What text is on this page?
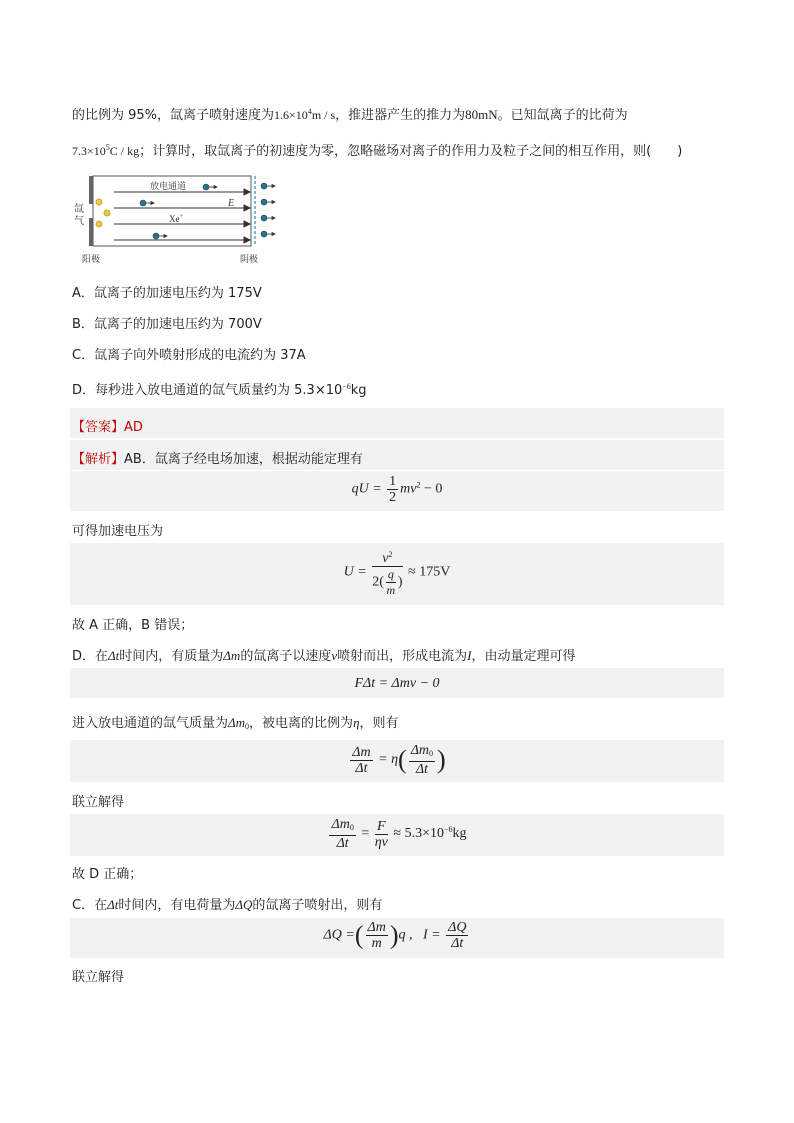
的比例为 95%，氙离子喷射速度为$1.6\times 10^4m / s$，推进器产生的推力为80mN。已知氙离子的比荷为
$7.3\times 10^5C$ / kg；计算时，取氙离子的初速度为零，忽略磁场对离子的作用力及粒子之间的相互作用，则(　　)
氙
气
放电通道
E
Xe+
阳极	阴极
A．氙离子的加速电压约为 175V
B．氙离子的加速电压约为 700V
C．氙离子向外喷射形成的电流约为 37A
D．每秒进入放电通道的氙气质量约为 $5.3\times 10^{-6}kg$
【答案】AD
【解析】AB．氙离子经电场加速，根据动能定理有
qU = $\frac{1}{2} mv^2 - 0$
可得加速电压为
$U = \frac{v^2}{2( \frac{q}{m} )} \approx 175V$
故 A 正确，B 错误；
D．在Δt时间内，有质量为Δm的氙离子以速度v喷射而出，形成电流为I，由动量定理可得
FΔt = Δmv − 0
进入放电通道的氙气质量为$\Delta m_0$，被电离的比例为η，则有
$\frac{\Delta m}{\Delta t} = \eta( \frac{\Delta m_0}{\Delta t}$ )
联立解得
$\frac{\Delta m_0}{\Delta t} = \frac{F}{\eta v} \approx 5.3\times 10^{-6}kg$
故 D 正确；
C．在Δt时间内，有电荷量为ΔQ的氙离子喷射出，则有
ΔQ =( $\frac{\Delta m}{m} )q$ , $I = \frac{\Delta Q}{\Delta t}$
联立解得
